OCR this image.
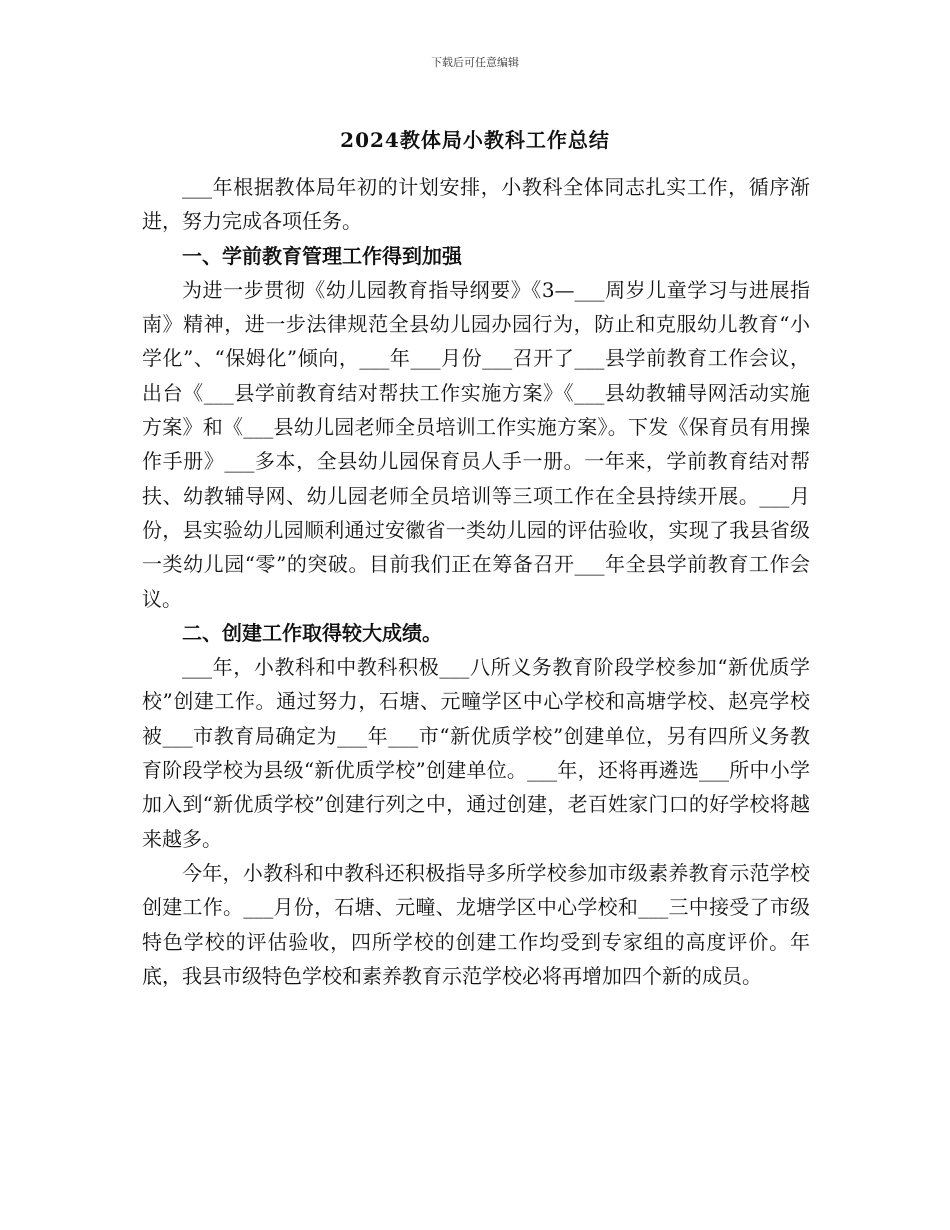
下载后可任意编辑
2024教体局小教科工作总结

___年根据教体局年初的计划安排，小教科全体同志扎实工作，循序渐进，努力完成各项任务。

一、学前教育管理工作得到加强

为进一步贯彻《幼儿园教育指导纲要》《3—___周岁儿童学习与进展指南》精神，进一步法律规范全县幼儿园办园行为，防止和克服幼儿教育“小学化”、“保姆化”倾向，___年___月份___召开了___县学前教育工作会议，出台《___县学前教育结对帮扶工作实施方案》《___县幼教辅导网活动实施方案》和《___县幼儿园老师全员培训工作实施方案》。下发《保育员有用操作手册》___多本，全县幼儿园保育员人手一册。一年来，学前教育结对帮扶、幼教辅导网、幼儿园老师全员培训等三项工作在全县持续开展。___月份，县实验幼儿园顺利通过安徽省一类幼儿园的评估验收，实现了我县省级一类幼儿园“零”的突破。目前我们正在筹备召开___年全县学前教育工作会议。

二、创建工作取得较大成绩。

___年，小教科和中教科积极___八所义务教育阶段学校参加“新优质学校”创建工作。通过努力，石塘、元疃学区中心学校和高塘学校、赵亮学校被___市教育局确定为___年___市“新优质学校”创建单位，另有四所义务教育阶段学校为县级“新优质学校”创建单位。___年，还将再遴选___所中小学加入到“新优质学校”创建行列之中，通过创建，老百姓家门口的好学校将越来越多。

今年，小教科和中教科还积极指导多所学校参加市级素养教育示范学校创建工作。___月份，石塘、元疃、龙塘学区中心学校和___三中接受了市级特色学校的评估验收，四所学校的创建工作均受到专家组的高度评价。年底，我县市级特色学校和素养教育示范学校必将再增加四个新的成员。
